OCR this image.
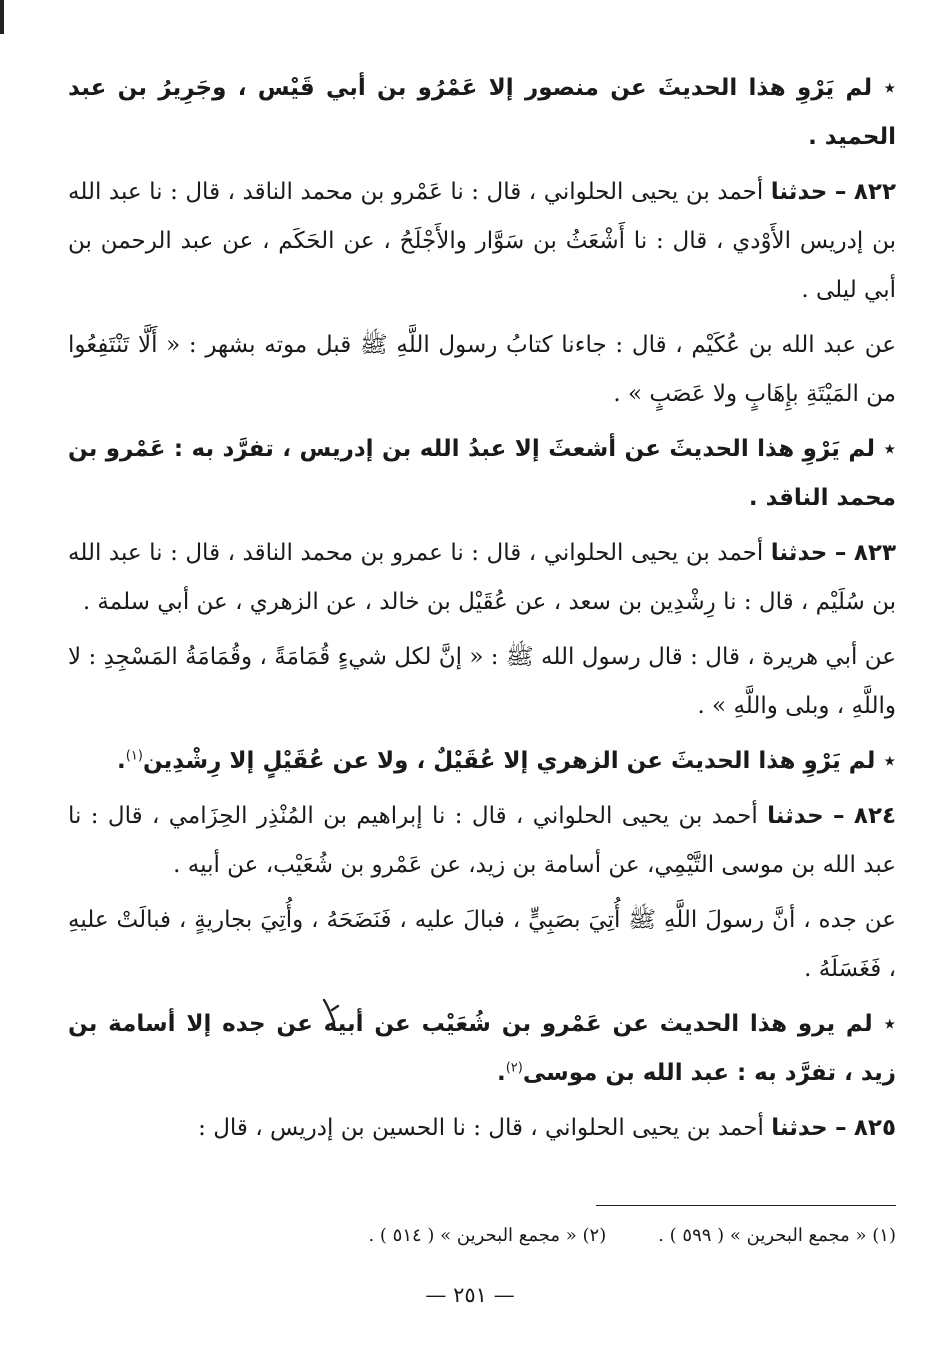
٭ لم يَرْوِ هذا الحديثَ عن منصور إلا عَمْرُو بن أبي قَيْس ، وجَرِيرُ بن عبد الحميد .

٨٢٢ – حدثنا أحمد بن يحيى الحلواني ، قال : نا عَمْرو بن محمد الناقد ، قال : نا عبد الله بن إدريس الأَوْدي ، قال : نا أَشْعَثُ بن سَوَّار والأَجْلَحُ ، عن الحَكَم ، عن عبد الرحمن بن أبي ليلى .

عن عبد الله بن عُكَيْم ، قال : جاءنا كتابُ رسول اللَّهِ ﷺ قبل موته بشهر : « أَلَّا تَنْتَفِعُوا من المَيْتَةِ بإِهَابٍ ولا عَصَبٍ » .

٭ لم يَرْوِ هذا الحديثَ عن أشعثَ إلا عبدُ الله بن إدريس ، تفرَّد به : عَمْرو بن محمد الناقد .

٨٢٣ – حدثنا أحمد بن يحيى الحلواني ، قال : نا عمرو بن محمد الناقد ، قال : نا عبد الله بن سُلَيْم ، قال : نا رِشْدِين بن سعد ، عن عُقَيْل بن خالد ، عن الزهري ، عن أبي سلمة .

عن أبي هريرة ، قال : قال رسول الله ﷺ : « إنَّ لكل شيءٍ قُمَامَةً ، وقُمَامَةُ المَسْجِدِ : لا واللَّهِ ، وبلى واللَّهِ » .

٭ لم يَرْوِ هذا الحديثَ عن الزهري إلا عُقَيْلٌ ، ولا عن عُقَيْلٍ إلا رِشْدِين$^{(١)}$.

٨٢٤ – حدثنا أحمد بن يحيى الحلواني ، قال : نا إبراهيم بن المُنْذِر الحِزَامي ، قال : نا عبد الله بن موسى التَّيْمِي، عن أسامة بن زيد، عن عَمْرو بن شُعَيْب، عن أبيه .

عن جده ، أنَّ رسولَ اللَّهِ ﷺ أُتِيَ بصَبِيٍّ ، فبالَ عليه ، فَنَضَحَهُ ، وأُتِيَ بجاريةٍ ، فبالَتْ عليهِ ، فَغَسَلَهُ .

٭ لم يرو هذا الحديث عن عَمْرو بن شُعَيْب عن أبيه عن جده إلا أسامة بن زيد ، تفرَّد به : عبد الله بن موسى$^{(٢)}$.

٨٢٥ – حدثنا أحمد بن يحيى الحلواني ، قال : نا الحسين بن إدريس ، قال :

(١) « مجمع البحرين » ( ٥٩٩ ) .
(٢) « مجمع البحرين » ( ٥١٤ ) .
— ٢٥١ —
